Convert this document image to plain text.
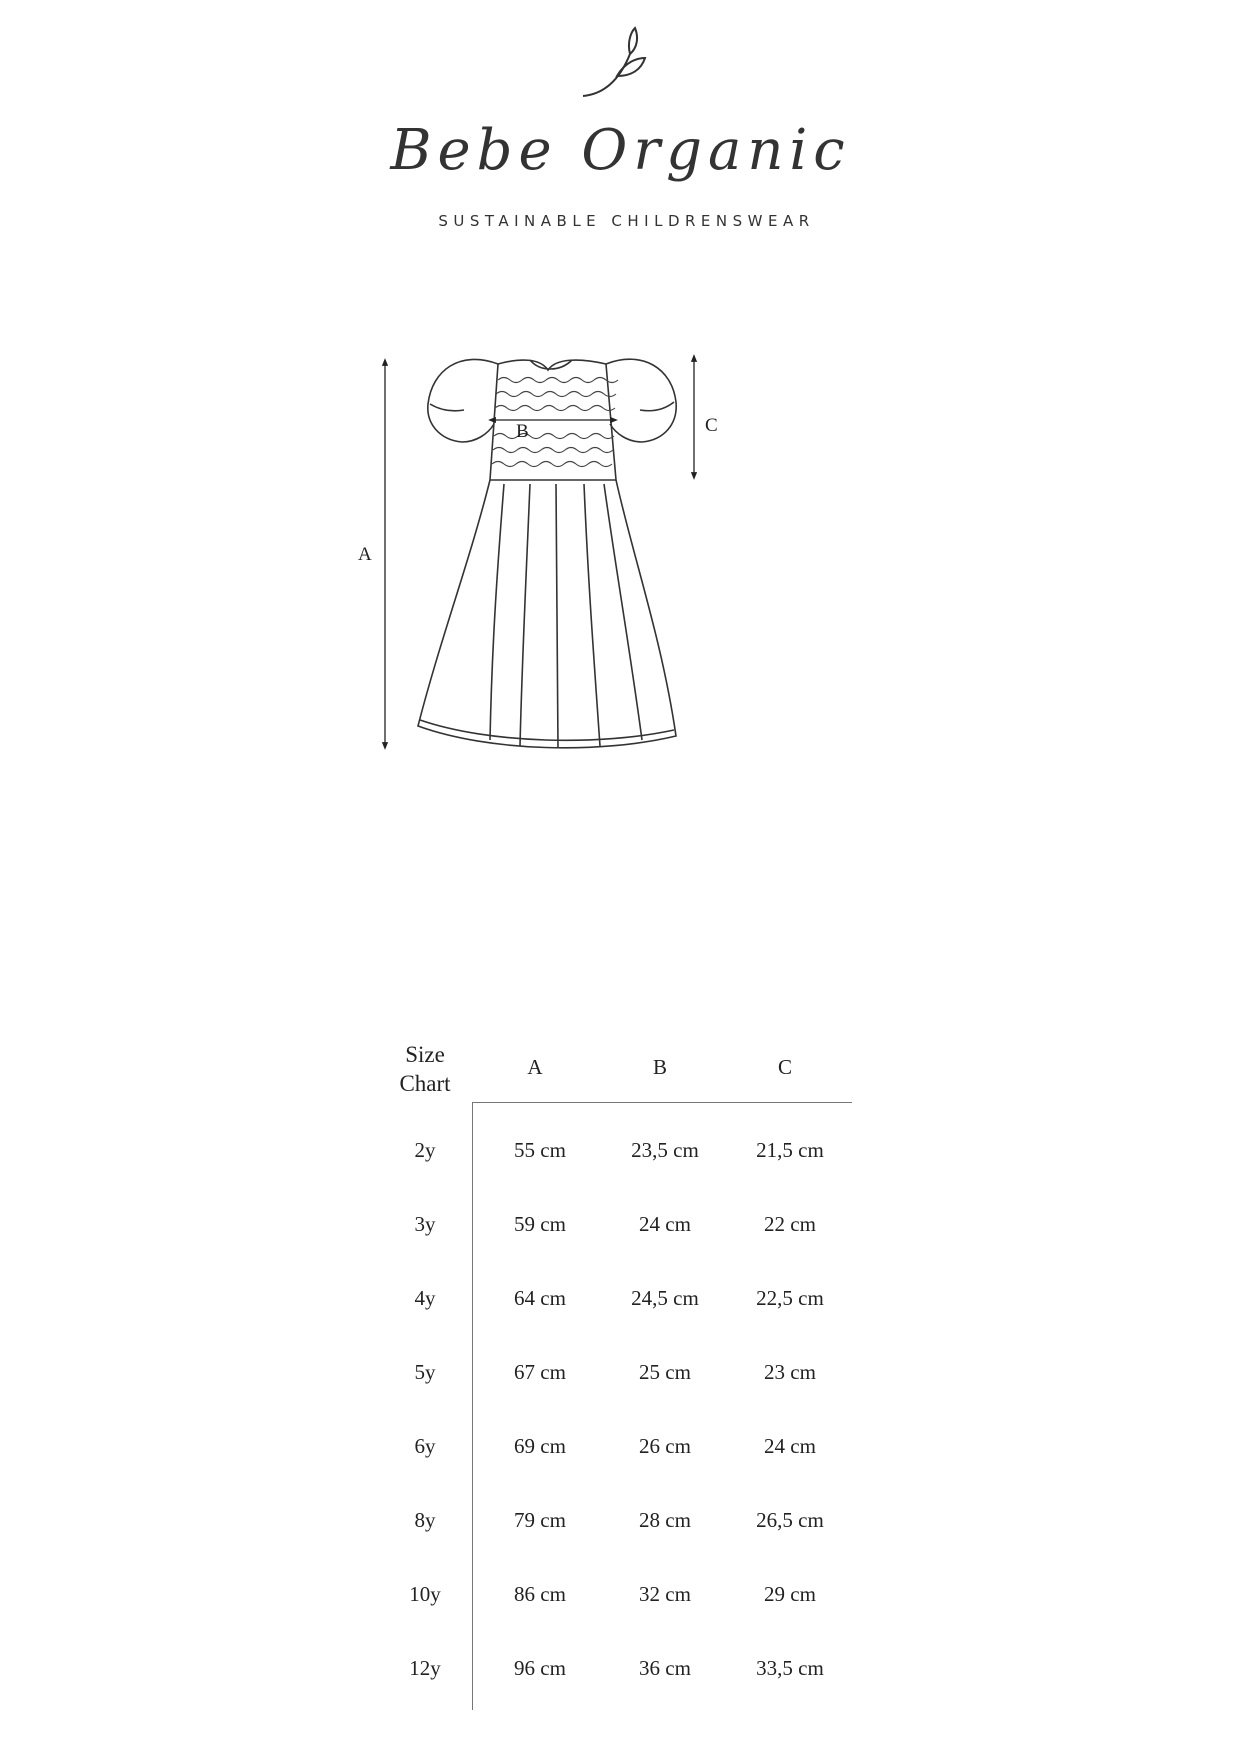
Bebe Organic
SUSTAINABLE CHILDRENSWEAR
A
B	C
Size Chart
A	B	C
2y	55 cm	23,5 cm	21,5 cm
3y	59 cm	24 cm	22 cm
4y	64 cm	24,5 cm	22,5 cm
5y	67 cm	25 cm	23 cm
6y	69 cm	26 cm	24 cm
8y	79 cm	28 cm	26,5 cm
10y	86 cm	32 cm	29 cm
12y	96 cm	36 cm	33,5 cm
